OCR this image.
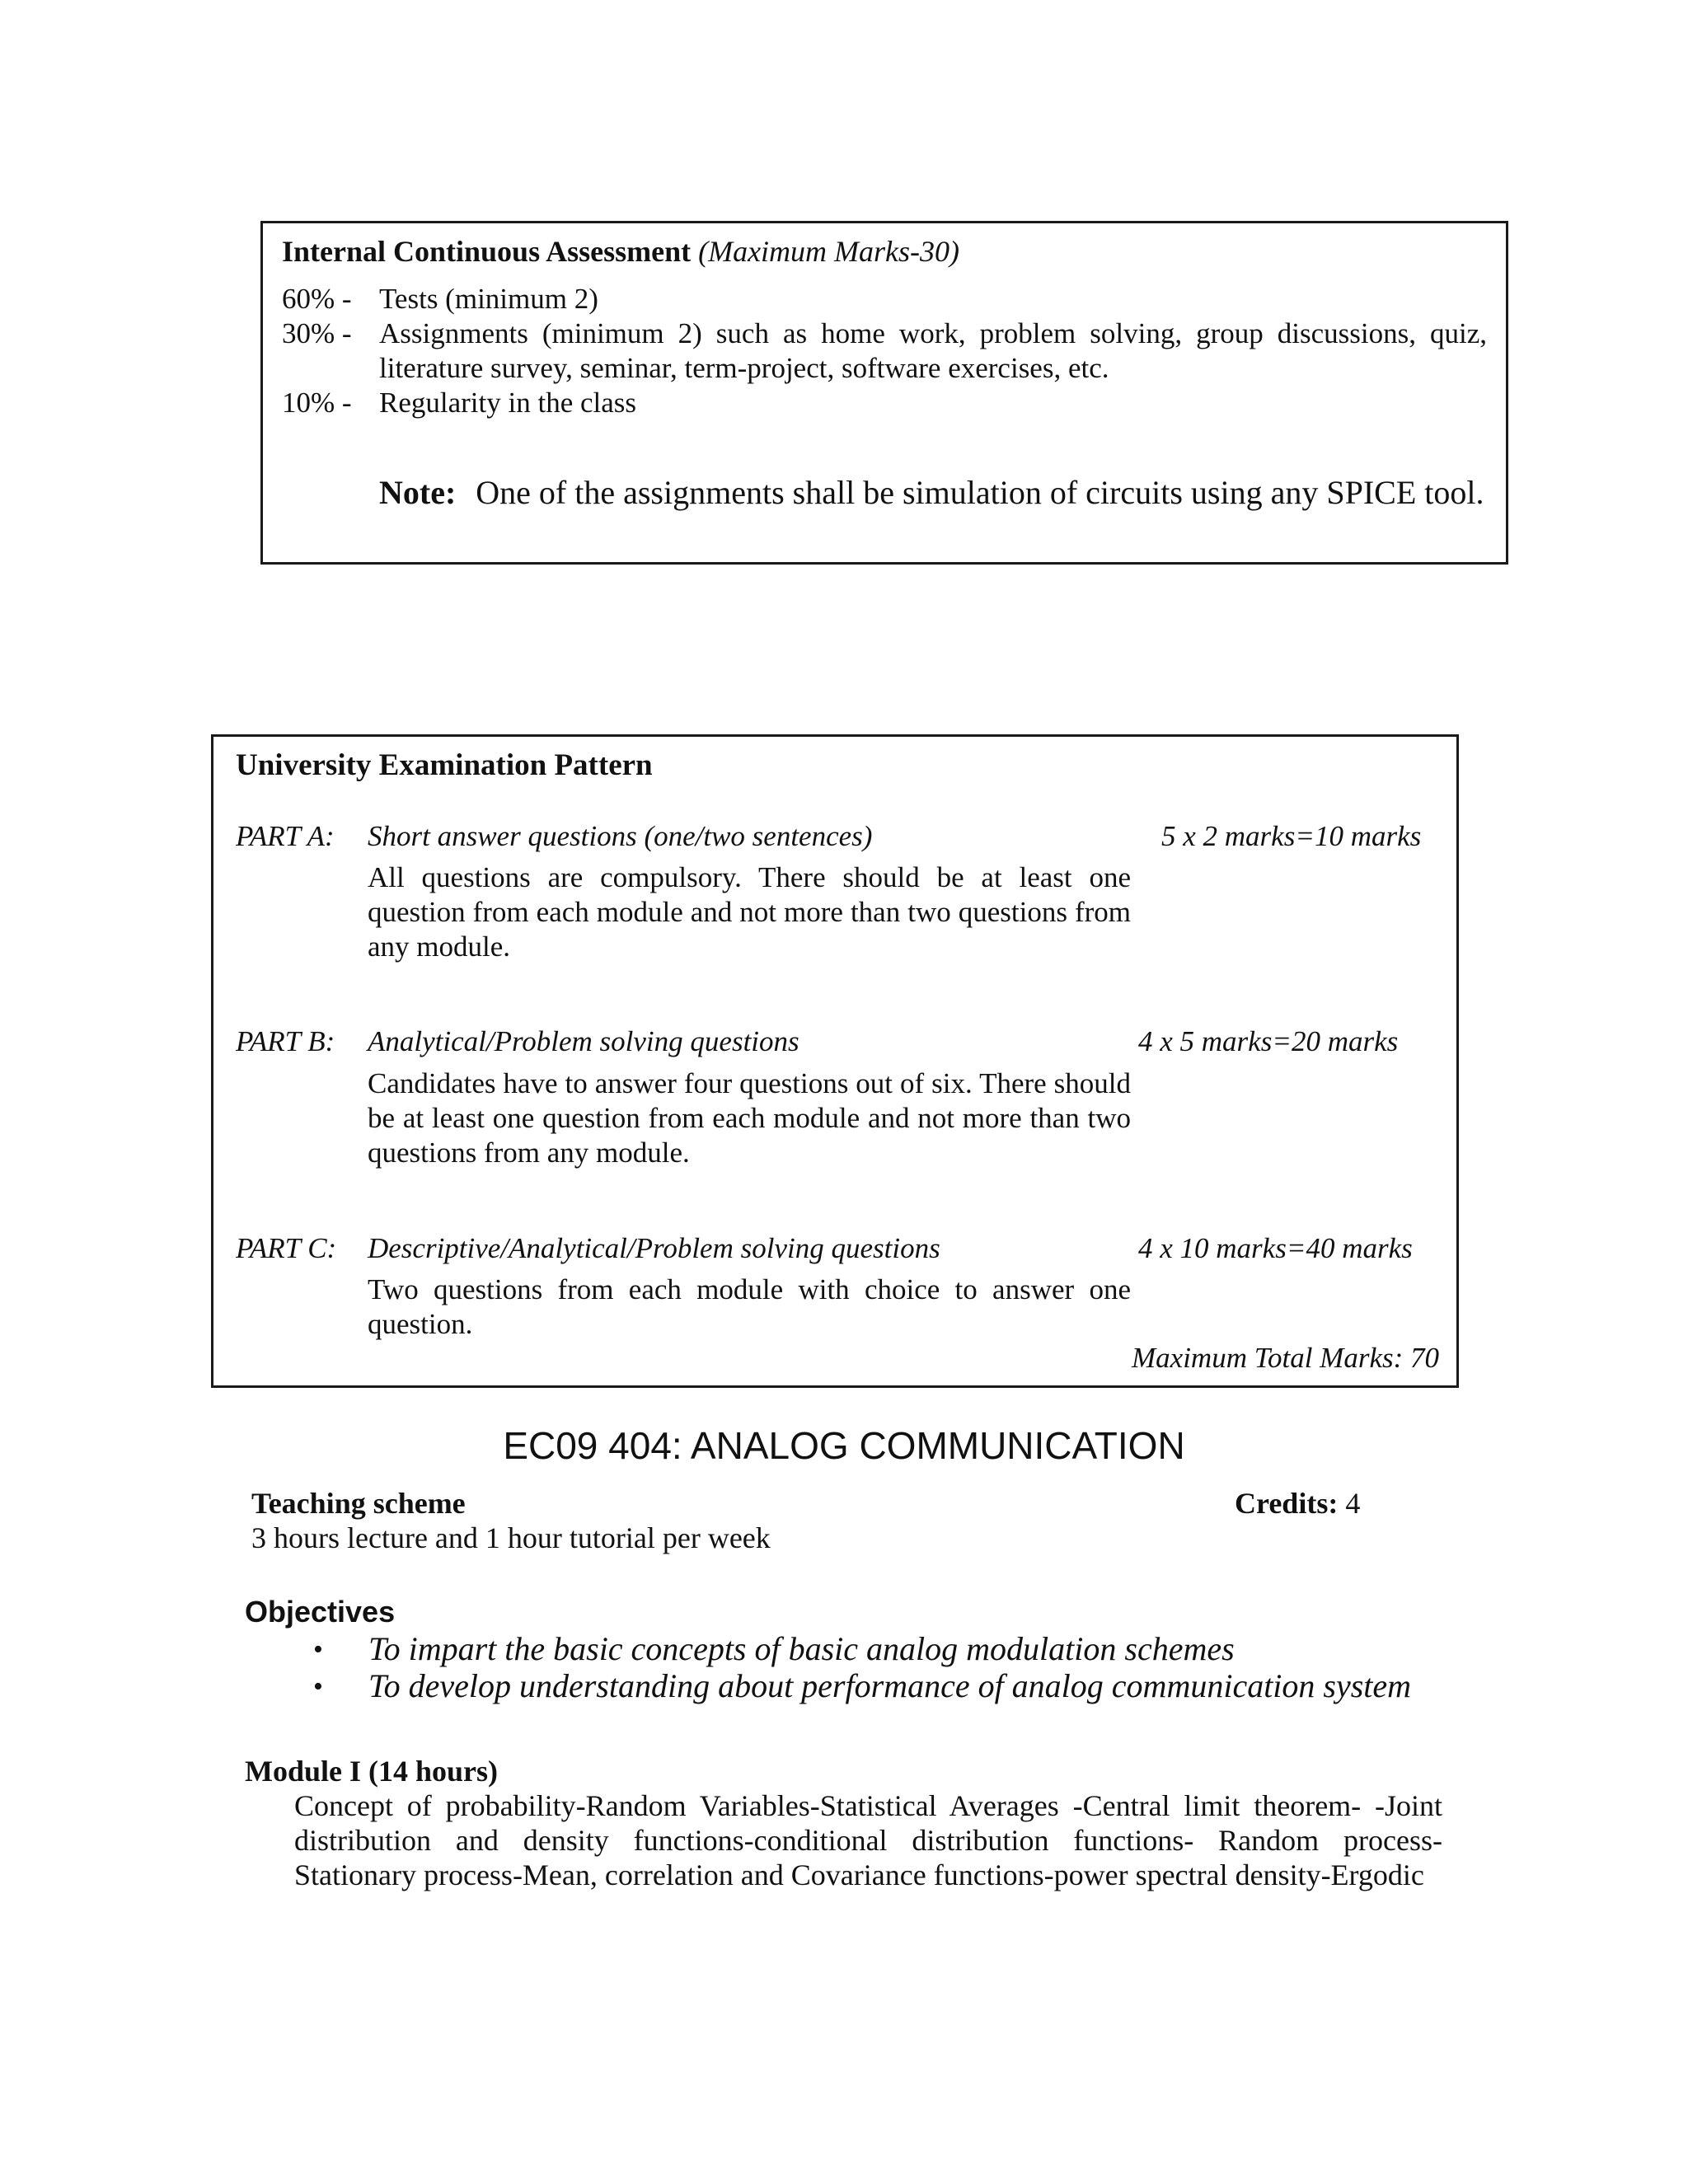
Internal Continuous Assessment (Maximum Marks-30)
60% - Tests (minimum 2)
30% - Assignments (minimum 2) such as home work, problem solving, group discussions, quiz, literature survey, seminar, term-project, software exercises, etc.
10% - Regularity in the class
Note: One of the assignments shall be simulation of circuits using any SPICE tool.
University Examination Pattern
PART A: Short answer questions (one/two sentences)	5 x 2 marks=10 marks
All questions are compulsory. There should be at least one question from each module and not more than two questions from any module.
PART B: Analytical/Problem solving questions	4 x 5 marks=20 marks
Candidates have to answer four questions out of six. There should be at least one question from each module and not more than two questions from any module.
PART C: Descriptive/Analytical/Problem solving questions	4 x 10 marks=40 marks
Two questions from each module with choice to answer one question.
Maximum Total Marks: 70
EC09 404: ANALOG COMMUNICATION
Teaching scheme	Credits: 4
3 hours lecture and 1 hour tutorial per week
Objectives
• To impart the basic concepts of basic analog modulation schemes
• To develop understanding about performance of analog communication system
Module I (14 hours)
Concept of probability-Random Variables-Statistical Averages -Central limit theorem- -Joint distribution and density functions-conditional distribution functions- Random process- Stationary process-Mean, correlation and Covariance functions-power spectral density-Ergodic
